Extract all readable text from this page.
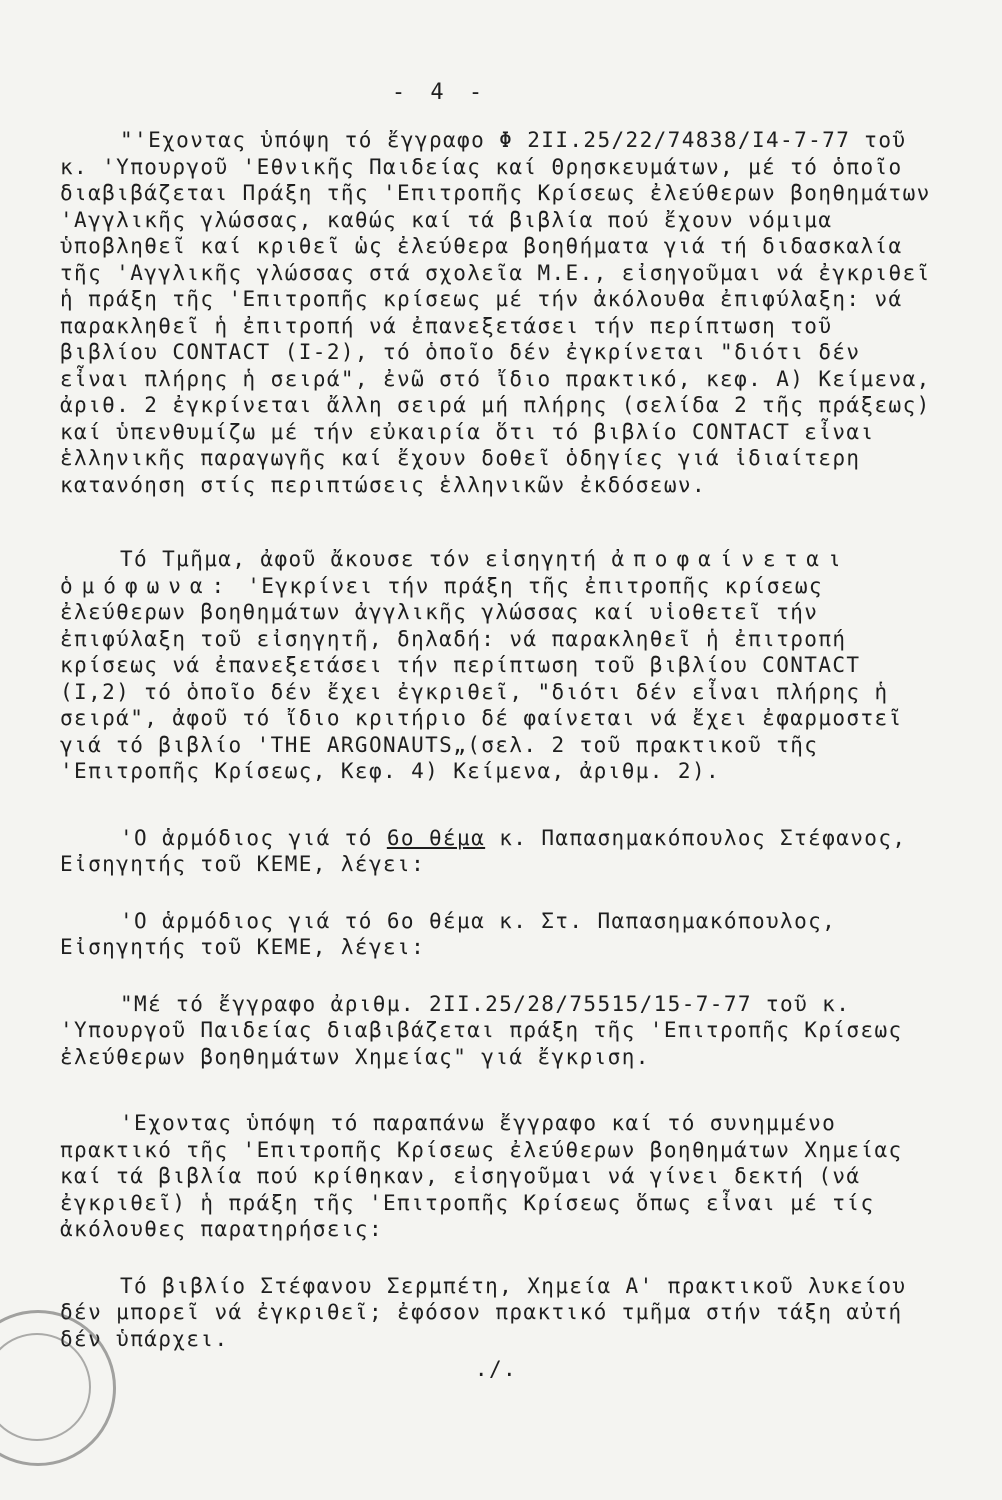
- 4 -

"'Εχοντας ὑπόψη τό ἔγγραφο Φ 2ΙΙ.25/22/74838/Ι4-7-77 τοῦ κ. 'Υπουργοῦ 'Εθνικῆς Παιδείας καί Θρησκευμάτων, μέ τό ὁποῖο διαβιβάζεται Πράξη τῆς 'Επιτροπῆς Κρίσεως ἐλεύθερων βοηθημάτων 'Αγγλικῆς γλώσσας, καθώς καί τά βιβλία πού ἔχουν νόμιμα ὑποβληθεῖ καί κριθεῖ ὡς ἐλεύθερα βοηθήματα γιά τή διδασκαλία τῆς 'Αγγλικῆς γλώσσας στά σχολεῖα Μ.Ε., εἰσηγοῦμαι νά ἐγκριθεῖ ἡ πράξη τῆς 'Επιτροπῆς κρίσεως μέ τήν ἀκόλουθα ἐπιφύλαξη: νά παρακληθεῖ ἡ ἐπιτροπή νά ἐπανεξετάσει τήν περίπτωση τοῦ βιβλίου CONTACT (Ι-2), τό ὁποῖο δέν ἐγκρίνεται "διότι δέν εἶναι πλήρης ἡ σειρά", ἐνῶ στό ἴδιο πρακτικό, κεφ. Α) Κείμενα, ἀριθ. 2 ἐγκρίνεται ἄλλη σειρά μή πλήρης (σελίδα 2 τῆς πράξεως) καί ὑπενθυμίζω μέ τήν εὐκαιρία ὅτι τό βιβλίο CONTACT εἶναι ἑλληνικῆς παραγωγῆς καί ἔχουν δοθεῖ ὁδηγίες γιά ἰδιαίτερη κατανόηση στίς περιπτώσεις ἑλληνικῶν ἐκδόσεων.

Τό Τμῆμα, ἀφοῦ ἄκουσε τόν εἰσηγητή ἀποφαίνεται ὁμόφωνα: 'Εγκρίνει τήν πράξη τῆς ἐπιτροπῆς κρίσεως ἐλεύθερων βοηθημάτων ἀγγλικῆς γλώσσας καί υἱοθετεῖ τήν ἐπιφύλαξη τοῦ εἰσηγητῆ, δηλαδή: νά παρακληθεῖ ἡ ἐπιτροπή κρίσεως νά ἐπανεξετάσει τήν περίπτωση τοῦ βιβλίου CONTACT (Ι,2) τό ὁποῖο δέν ἔχει ἐγκριθεῖ, "διότι δέν εἶναι πλήρης ἡ σειρά", ἀφοῦ τό ἴδιο κριτήριο δέ φαίνεται νά ἔχει ἐφαρμοστεῖ γιά τό βιβλίο 'THE ARGONAUTS„(σελ. 2 τοῦ πρακτικοῦ τῆς 'Επιτροπῆς Κρίσεως, Κεφ. 4) Κείμενα, ἀριθμ. 2).

'Ο ἁρμόδιος γιά τό 6ο θέμα κ. Παπασημακόπουλος Στέφανος, Εἰσηγητής τοῦ ΚΕΜΕ, λέγει:

'Ο ἁρμόδιος γιά τό 6ο θέμα κ. Στ. Παπασημακόπουλος, Εἰσηγητής τοῦ ΚΕΜΕ, λέγει:

"Μέ τό ἔγγραφο ἀριθμ. 2ΙΙ.25/28/75515/15-7-77 τοῦ κ. 'Υπουργοῦ Παιδείας διαβιβάζεται πράξη τῆς 'Επιτροπῆς Κρίσεως ἐλεύθερων βοηθημάτων Χημείας" γιά ἔγκριση.

'Εχοντας ὑπόψη τό παραπάνω ἔγγραφο καί τό συνημμένο πρακτικό τῆς 'Επιτροπῆς Κρίσεως ἐλεύθερων βοηθημάτων Χημείας καί τά βιβλία πού κρίθηκαν, εἰσηγοῦμαι νά γίνει δεκτή (νά ἐγκριθεῖ) ἡ πράξη τῆς 'Επιτροπῆς Κρίσεως ὅπως εἶναι μέ τίς ἀκόλουθες παρατηρήσεις:

Τό βιβλίο Στέφανου Σερμπέτη, Χημεία Α' πρακτικοῦ λυκείου δέν μπορεῖ νά ἐγκριθεῖ; ἐφόσον πρακτικό τμῆμα στήν τάξη αὐτή δέν ὑπάρχει.

./.
